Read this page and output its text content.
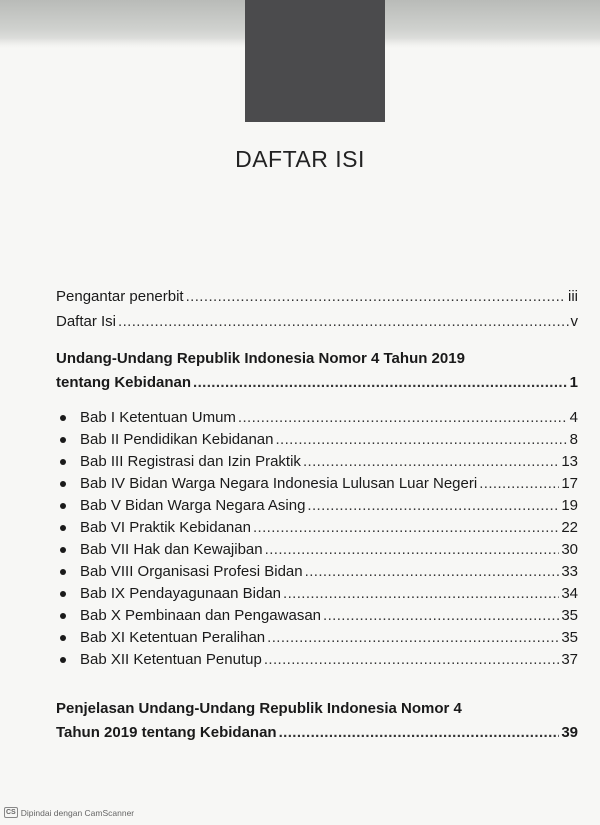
DAFTAR ISI
Pengantar penerbit .....	iii
Daftar Isi .....	v
Undang-Undang Republik Indonesia Nomor 4 Tahun 2019
tentang Kebidanan .....	1
Bab I Ketentuan Umum .....	4
Bab II Pendidikan Kebidanan .....	8
Bab III Registrasi dan Izin Praktik .....	13
Bab IV Bidan Warga Negara Indonesia Lulusan Luar Negeri .....	17
Bab V Bidan Warga Negara Asing .....	19
Bab VI Praktik Kebidanan .....	22
Bab VII Hak dan Kewajiban .....	30
Bab VIII Organisasi Profesi Bidan .....	33
Bab IX Pendayagunaan Bidan .....	34
Bab X Pembinaan dan Pengawasan .....	35
Bab XI Ketentuan Peralihan .....	35
Bab XII Ketentuan Penutup .....	37
Penjelasan Undang-Undang Republik Indonesia Nomor 4
Tahun 2019 tentang Kebidanan .....	39
CS Dipindai dengan CamScanner
